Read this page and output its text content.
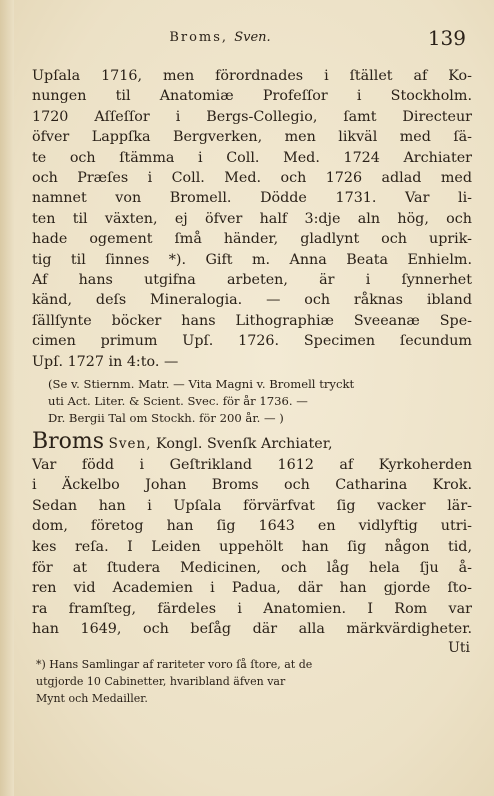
Broms, Sven.	139
Upſala 1716, men förordnades i ſtället af Ko-
nungen til Anatomiæ Profeſſor i Stockholm.
1720 Aſſeſſor i Bergs-Collegio, ſamt Directeur
öfver Lappſka Bergverken, men likväl med ſä-
te och ſtämma i Coll. Med. 1724 Archiater
och Præſes i Coll. Med. och 1726 adlad med
namnet von Bromell. Dödde 1731. Var li-
ten til växten, ej öfver half 3:dje aln hög, och
hade ogement ſmå händer, gladlynt och uprik-
tig til ſinnes *). Gift m. Anna Beata Enhielm.
Af hans utgifna arbeten, är i ſynnerhet
känd, deſs Mineralogia. — och råknas ibland
ſällſynte böcker hans Lithographiæ Sveeanæ Spe-
cimen primum Upſ. 1726. Specimen ſecundum
Upſ. 1727 in 4:to. —
(Se v. Stiernm. Matr. — Vita Magni v. Bromell tryckt
uti Act. Liter. & Scient. Svec. för år 1736. —
Dr. Bergii Tal om Stockh. för 200 år. — )
Broms Sven, Kongl. Svenſk Archiater,
Var född i Geſtrikland 1612 af Kyrkoherden
i Äckelbo Johan Broms och Catharina Krok.
Sedan han i Upſala förvärfvat ſig vacker lär-
dom, företog han ſig 1643 en vidlyftig utri-
kes reſa. I Leiden uppehölt han ſig någon tid,
för at ſtudera Medicinen, och låg hela ſju å-
ren vid Academien i Padua, där han gjorde ſto-
ra framſteg, färdeles i Anatomien. I Rom var
han 1649, och beſåg där alla märkvärdigheter.
Uti
*) Hans Samlingar af rariteter voro ſå ſtore, at de
utgjorde 10 Cabinetter, hvaribland äfven var
Mynt och Medailler.
